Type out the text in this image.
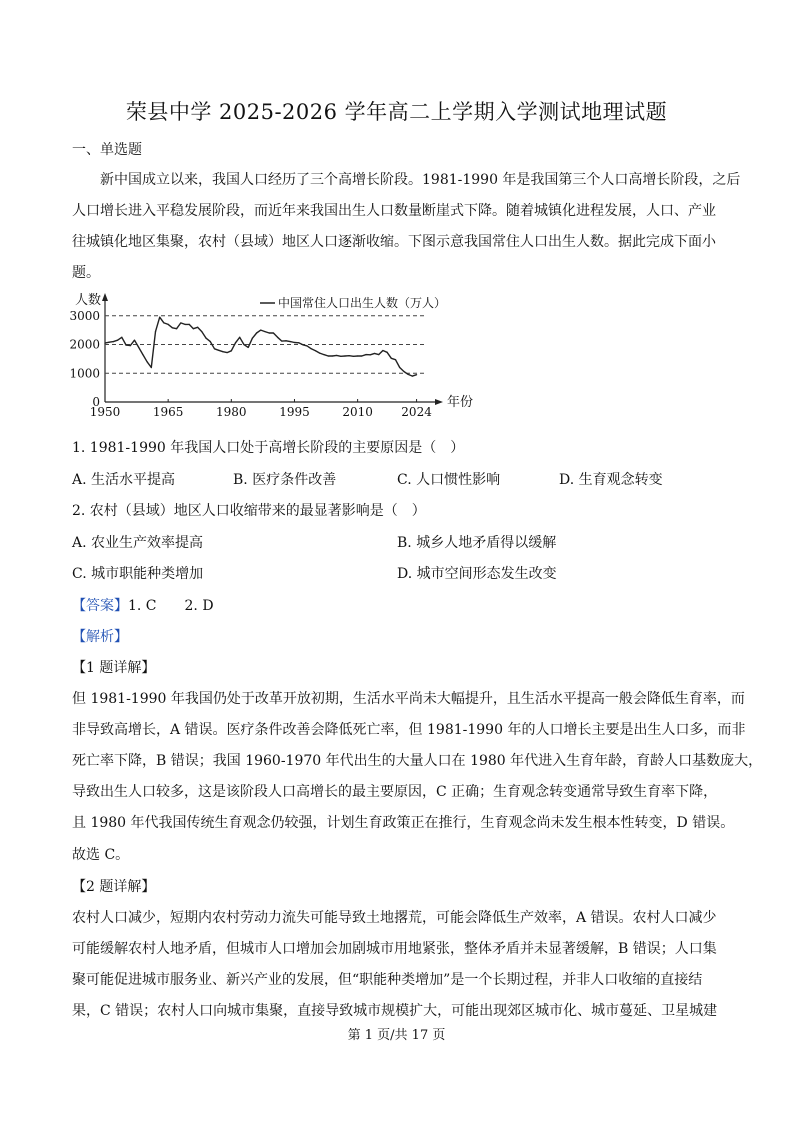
荣县中学 2025-2026 学年高二上学期入学测试地理试题
一、单选题
新中国成立以来，我国人口经历了三个高增长阶段。1981-1990 年是我国第三个人口高增长阶段，之后
人口增长进入平稳发展阶段，而近年来我国出生人口数量断崖式下降。随着城镇化进程发展，人口、产业
往城镇化地区集聚，农村（县域）地区人口逐渐收缩。下图示意我国常住人口出生人数。据此完成下面小
题。
3000
2000
1000
0
1950	1965	1980	1995	2010 2024
人数
年份
中国常住人口出生人数（万人）
1. 1981-1990 年我国人口处于高增长阶段的主要原因是（　）
A. 生活水平提高	B. 医疗条件改善	C. 人口惯性影响	D. 生育观念转变
2. 农村（县域）地区人口收缩带来的最显著影响是（　）
A. 农业生产效率提高	B. 城乡人地矛盾得以缓解
C. 城市职能种类增加	D. 城市空间形态发生改变
【答案】1. C　　2. D
【解析】
【1 题详解】
但 1981-1990 年我国仍处于改革开放初期，生活水平尚未大幅提升，且生活水平提高一般会降低生育率，而
非导致高增长，A 错误。医疗条件改善会降低死亡率，但 1981-1990 年的人口增长主要是出生人口多，而非
死亡率下降，B 错误；我国 1960-1970 年代出生的大量人口在 1980 年代进入生育年龄，育龄人口基数庞大，
导致出生人口较多，这是该阶段人口高增长的最主要原因，C 正确；生育观念转变通常导致生育率下降，
且 1980 年代我国传统生育观念仍较强，计划生育政策正在推行，生育观念尚未发生根本性转变，D 错误。
故选 C。
【2 题详解】
农村人口减少，短期内农村劳动力流失可能导致土地撂荒，可能会降低生产效率，A 错误。农村人口减少
可能缓解农村人地矛盾，但城市人口增加会加剧城市用地紧张，整体矛盾并未显著缓解，B 错误；人口集
聚可能促进城市服务业、新兴产业的发展，但“职能种类增加”是一个长期过程，并非人口收缩的直接结
果，C 错误；农村人口向城市集聚，直接导致城市规模扩大，可能出现郊区城市化、城市蔓延、卫星城建
第 1 页/共 17 页
